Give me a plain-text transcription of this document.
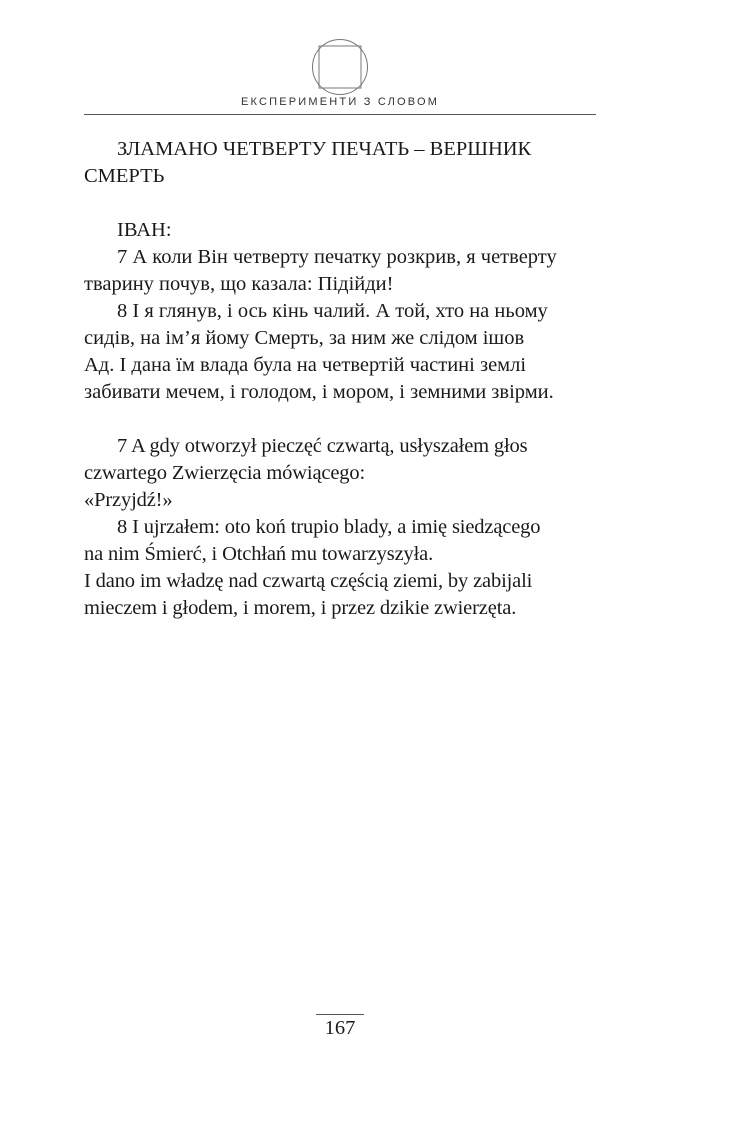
ЕКСПЕРИМЕНТИ З СЛОВОМ

ЗЛАМАНО ЧЕТВЕРТУ ПЕЧАТЬ – ВЕРШНИК

СМЕРТЬ

ІВАН:

7 А коли Він четверту печатку розкрив, я четверту

тварину почув, що казала: Підійди!

8 І я глянув, і ось кінь чалий. А той, хто на ньому

сидів, на ім’я йому Смерть, за ним же слідом ішов

Ад. І дана їм влада була на четвертій частині землі

забивати мечем, і голодом, і мором, і земними звірми.

7 A gdy otworzył pieczęć czwartą, usłyszałem głos

czwartego Zwierzęcia mówiącego:

«Przyjdź!»

8 I ujrzałem: oto koń trupio blady, a imię siedzącego

na nim Śmierć, i Otchłań mu towarzyszyła.

I dano im władzę nad czwartą częścią ziemi, by zabijali

mieczem i głodem, i morem, i przez dzikie zwierzęta.

167
